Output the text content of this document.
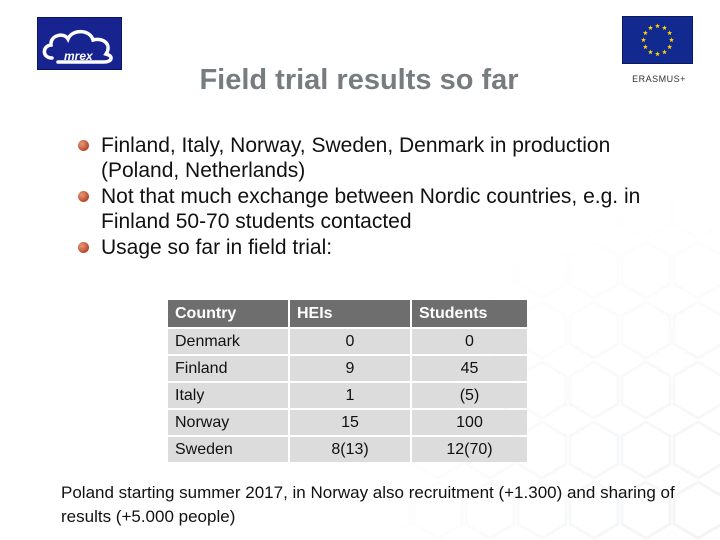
mrex
Field trial results so far	ERASMUS+
Finland, Italy, Norway, Sweden, Denmark in production (Poland, Netherlands)
Not that much exchange between Nordic countries, e.g. in Finland 50-70 students contacted
Usage so far in field trial:
Country	HEIs	Students
Denmark	0	0
Finland	9	45
Italy	1	(5)
Norway	15	100
Sweden	8(13)	12(70)
Poland starting summer 2017, in Norway also recruitment (+1.300) and sharing of results (+5.000 people)
